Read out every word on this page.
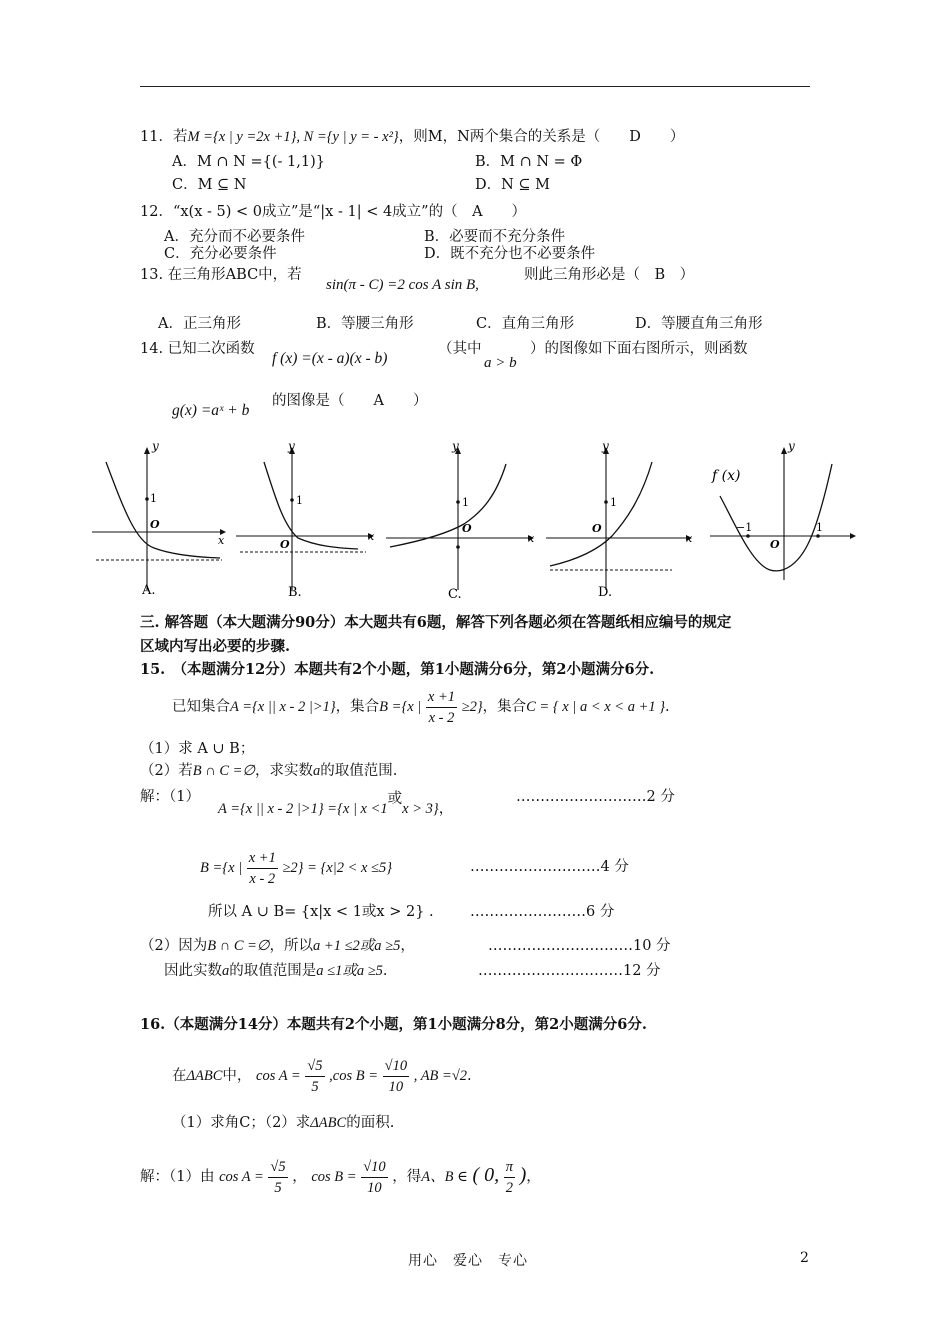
11．若M ={x | y =2x +1}, N ={y | y = - x²}，则M，N两个集合的关系是（　　D　　）
A．M ∩ N ={(- 1,1)}	B．M ∩ N = Φ
C．M ⊆ N	D．N ⊆ M
12．“x(x - 5) < 0成立”是“|x - 1| < 4成立”的（　A　　）
A．充分而不必要条件	B．必要而不充分条件
C．充分必要条件	D．既不充分也不必要条件
13. 在三角形ABC中，若
sin(π - C) =2 cos A sin B,
则此三角形必是（　B　）
A．正三角形	B．等腰三角形	C．直角三角形	D．等腰直角三角形
14. 已知二次函数
f (x) =(x - a)(x - b)
（其中
a > b
）的图像如下面右图所示，则函数
g(x) =aˣ + b
的图像是（　　A　　）
y
x
1
O
A.
y
x
1
O
B.
y
x
1
O
C.
y
x
1
O
D.
y
f (x)
−1	1
O
三. 解答题（本大题满分90分）本大题共有6题，解答下列各题必须在答题纸相应编号的规定
区域内写出必要的步骤.
15.　（本题满分12分）本题共有2个小题，第1小题满分6分，第2小题满分6分.
已知集合A ={x || x - 2 |>1}，集合B ={x | $\frac{x +1}{x - 2} \ge 2$}，集合C = { x | a < x < a +1 }.
（1）求 A ∪ B；
（2）若B ∩ C =∅，求实数a的取值范围.
解：（1）
A ={x || x - 2 |>1} ={x | x <1或x > 3}，
………………………2 分
B ={x | $\frac{x +1}{x - 2} \ge 2\} = \{x|2 < x \le 5\}$	………………………4 分
所以 A ∪ B= {x|x < 1或x > 2} .	……………………6 分
（2）因为B ∩ C =∅，所以a +1 ≤2或a ≥5，	…………………………10 分
因此实数a的取值范围是a ≤1或a ≥5.	…………………………12 分
16.（本题满分14分）本题共有2个小题，第1小题满分8分，第2小题满分6分.
在ΔABC中， $\cos A = \frac{√5}{5} ,\cos$ $B = \frac{√10}{10}$ , AB =√2.
（1）求角C；（2）求ΔABC的面积.
解：（1）由 $\cos A = \frac{√5}{5}$ ， $\cos B = \frac{√10}{10}$ ，得A、B ∈ ( 0, $\frac{\pi}{2}$ )，
用心　爱心　专心	2
